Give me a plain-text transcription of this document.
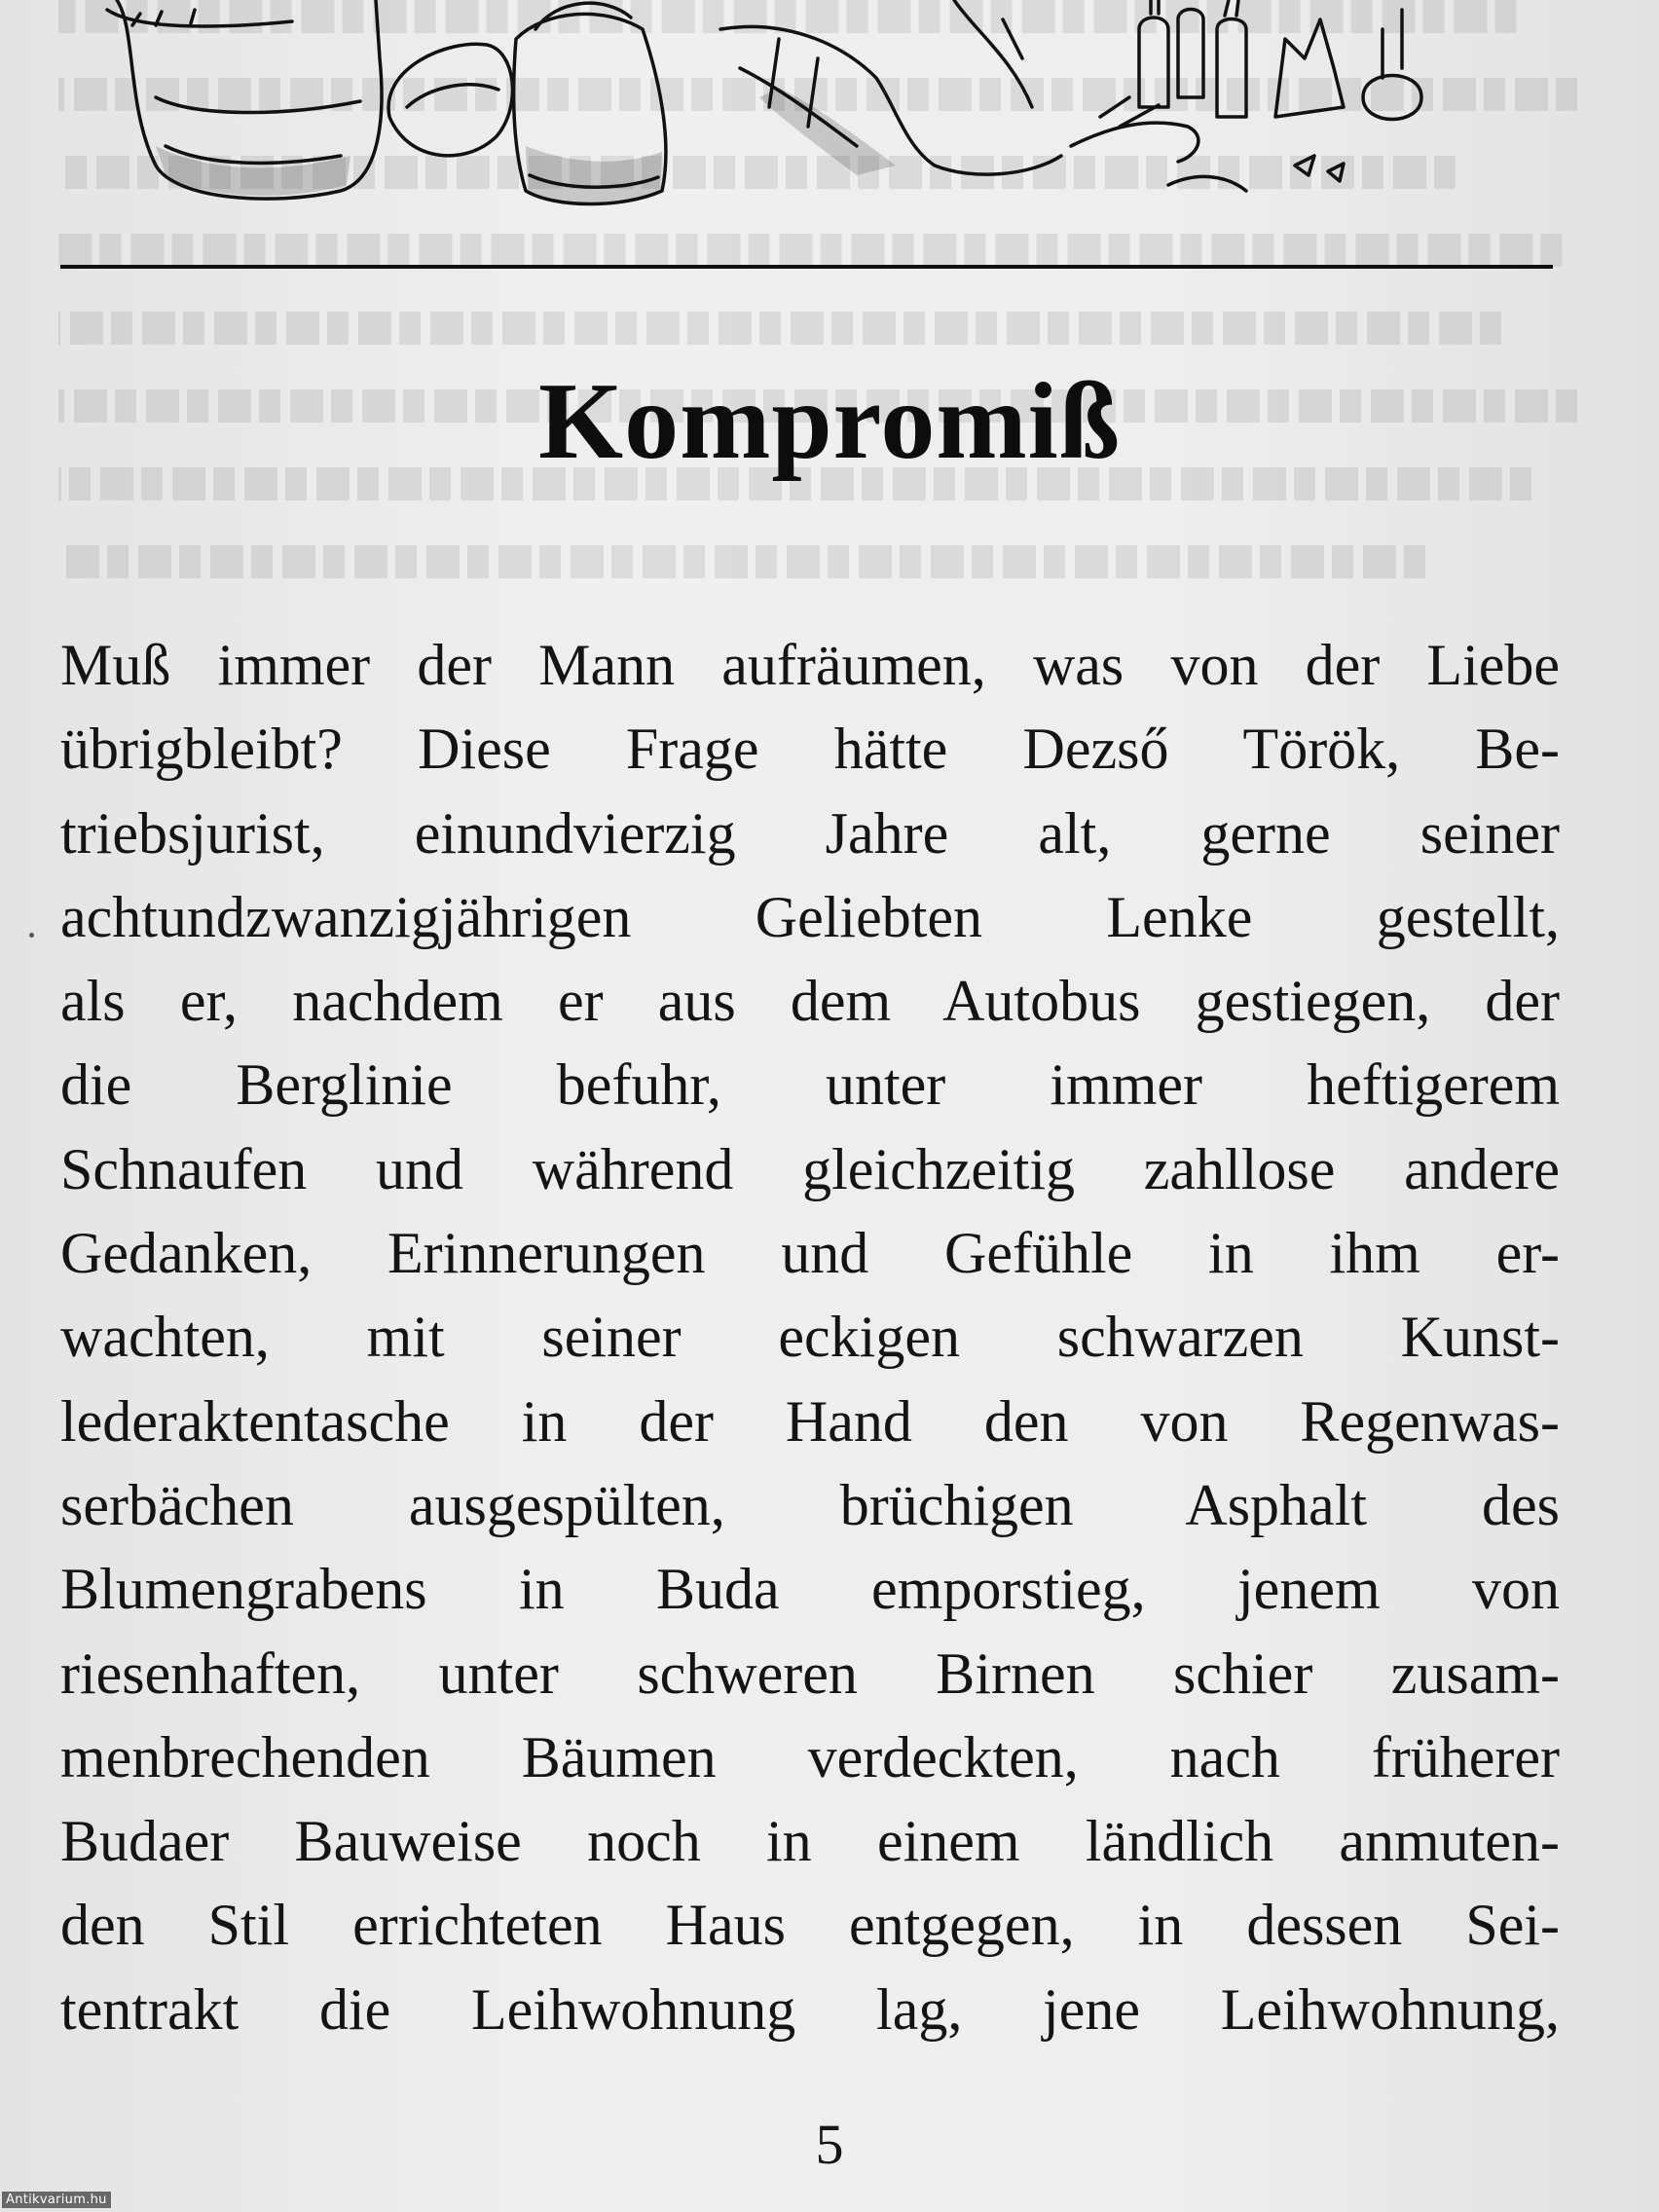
Kompromiß
Muß immer der Mann aufräumen, was von der Liebe
übrigbleibt? Diese Frage hätte Dezső Török, Be-
triebsjurist, einundvierzig Jahre alt, gerne seiner
achtundzwanzigjährigen Geliebten Lenke gestellt,
als er, nachdem er aus dem Autobus gestiegen, der
die Berglinie befuhr, unter immer heftigerem
Schnaufen und während gleichzeitig zahllose andere
Gedanken, Erinnerungen und Gefühle in ihm er-
wachten, mit seiner eckigen schwarzen Kunst-
lederaktentasche in der Hand den von Regenwas-
serbächen ausgespülten, brüchigen Asphalt des
Blumengrabens in Buda emporstieg, jenem von
riesenhaften, unter schweren Birnen schier zusam-
menbrechenden Bäumen verdeckten, nach früherer
Budaer Bauweise noch in einem ländlich anmuten-
den Stil errichteten Haus entgegen, in dessen Sei-
tentrakt die Leihwohnung lag, jene Leihwohnung,
5
Antikvarium.hu
